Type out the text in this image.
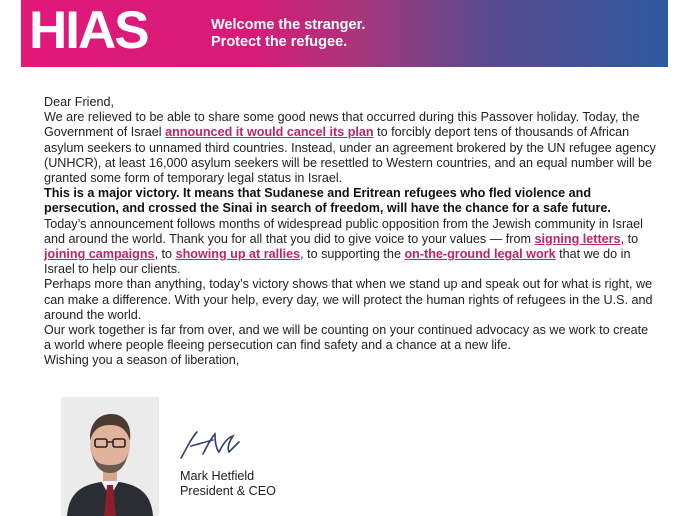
HIAS	Welcome the stranger.
Protect the refugee.

Dear Friend,

We are relieved to be able to share some good news that occurred during this Passover holiday. Today, the Government of Israel announced it would cancel its plan to forcibly deport tens of thousands of African asylum seekers to unnamed third countries. Instead, under an agreement brokered by the UN refugee agency (UNHCR), at least 16,000 asylum seekers will be resettled to Western countries, and an equal number will be granted some form of temporary legal status in Israel.

This is a major victory. It means that Sudanese and Eritrean refugees who fled violence and persecution, and crossed the Sinai in search of freedom, will have the chance for a safe future.

Today’s announcement follows months of widespread public opposition from the Jewish community in Israel and around the world. Thank you for all that you did to give voice to your values — from signing letters, to joining campaigns, to showing up at rallies, to supporting the on-the-ground legal work that we do in Israel to help our clients.

Perhaps more than anything, today’s victory shows that when we stand up and speak out for what is right, we can make a difference. With your help, every day, we will protect the human rights of refugees in the U.S. and around the world.

Our work together is far from over, and we will be counting on your continued advocacy as we work to create a world where people fleeing persecution can find safety and a chance at a new life.

Wishing you a season of liberation,

Mark Hetfield
President & CEO
